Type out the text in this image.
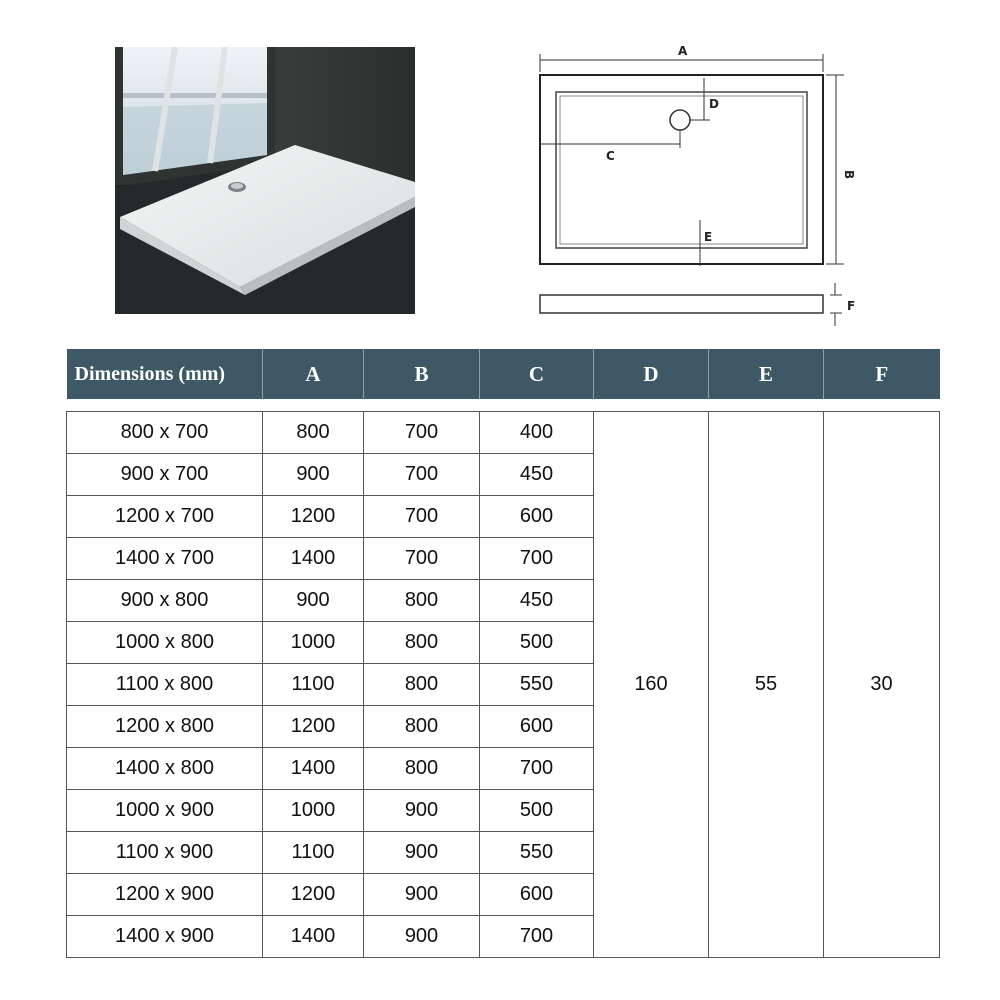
A
C
D
E
B
F
Dimensions (mm)	A	B	C	D	E	F

800 x 700	800	700	400	160	55	30
900 x 700	900	700	450			
1200 x 700	1200	700	600			
1400 x 700	1400	700	700			
900 x 800	900	800	450			
1000 x 800	1000	800	500			
1100 x 800	1100	800	550			
1200 x 800	1200	800	600			
1400 x 800	1400	800	700			
1000 x 900	1000	900	500			
1100 x 900	1100	900	550			
1200 x 900	1200	900	600			
1400 x 900	1400	900	700			
